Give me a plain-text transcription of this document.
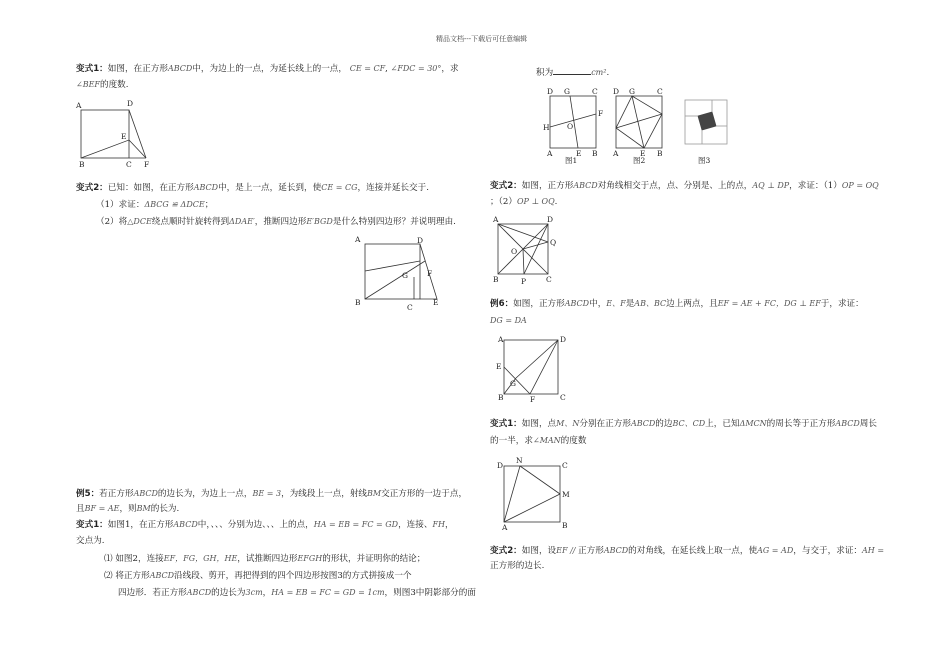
精品文档---下载后可任意编辑
变式1：如图，在正方形ABCD中，为边上的一点，为延长线上的一点， CE = CF, ∠FDC = 30°，求
∠BEF的度数.
A	D
E
B	C F
变式2：已知：如图，在正方形ABCD中，是上一点，延长到，使CE = CG，连接并延长交于.
（1）求证：ΔBCG ≌ ΔDCE；
（2）将△DCE绕点顺时针旋转得到ΔDAE′，推断四边形E′BGD是什么特别四边形？并说明理由.
A	D
G	F
B
C
E
例5：若正方形ABCD的边长为，为边上一点，BE = 3，为线段上一点，射线BM交正方形的一边于点，
且BF = AE，则BM的长为.
变式1：如图1，在正方形ABCD中，、、、分别为边、、、上的点，HA = EB = FC = GD，连接、FH，
交点为.
⑴ 如图2，连接EF，FG，GH，HE，试推断四边形EFGH的形状，并证明你的结论；
⑵ 将正方形ABCD沿线段、剪开，再把得到的四个四边形按图3的方式拼接成一个
四边形．若正方形ABCD的边长为3cm，HA = EB = FC = GD = 1cm，则图3中阴影部分的面
积为	cm².
D G	C
H
F
O
A	E B
图1
D G	C
A	E B
图2	图3
变式2：如图，正方形ABCD对角线相交于点，点、分别是、上的点，AQ ⊥ DP，求证：（1）OP = OQ
；（2）OP ⊥ OQ.
A	D
Q
O
B	P	C
例6：如图，正方形ABCD中，E、F是AB、BC边上两点，且EF = AE + FC，DG ⊥ EF于，求证：
DG = DA
A	D
E
G
B	F	C
变式1：如图，点M、N分别在正方形ABCD的边BC、CD上，已知ΔMCN的周长等于正方形ABCD周长
的一半，求∠MAN的度数
D
N
C
M
A	B
变式2：如图，设EF // 正方形ABCD的对角线，在延长线上取一点，使AG = AD，与交于，求证：AH =
正方形的边长.
